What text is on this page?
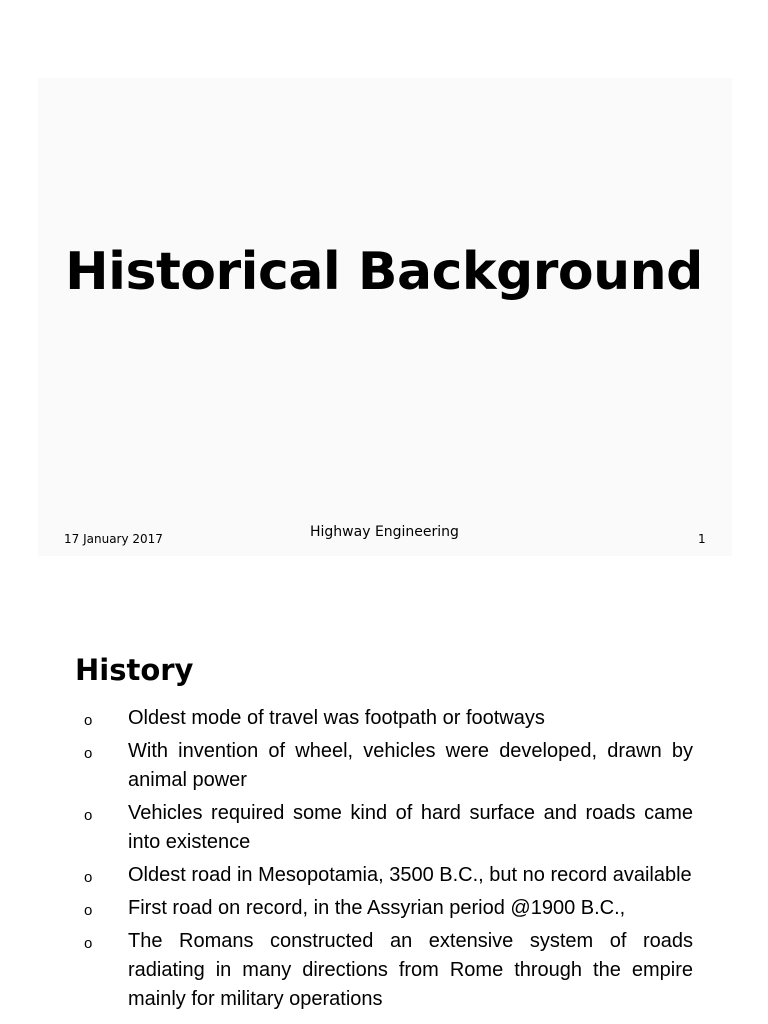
Historical Background
17 January 2017	Highway Engineering	1
History
o Oldest mode of travel was footpath or footways
o With invention of wheel, vehicles were developed, drawn by animal power
o Vehicles required some kind of hard surface and roads came into existence
o Oldest road in Mesopotamia, 3500 B.C., but no record available
o First road on record, in the Assyrian period @1900 B.C.,
o The Romans constructed an extensive system of roads radiating in many directions from Rome through the empire mainly for military operations
